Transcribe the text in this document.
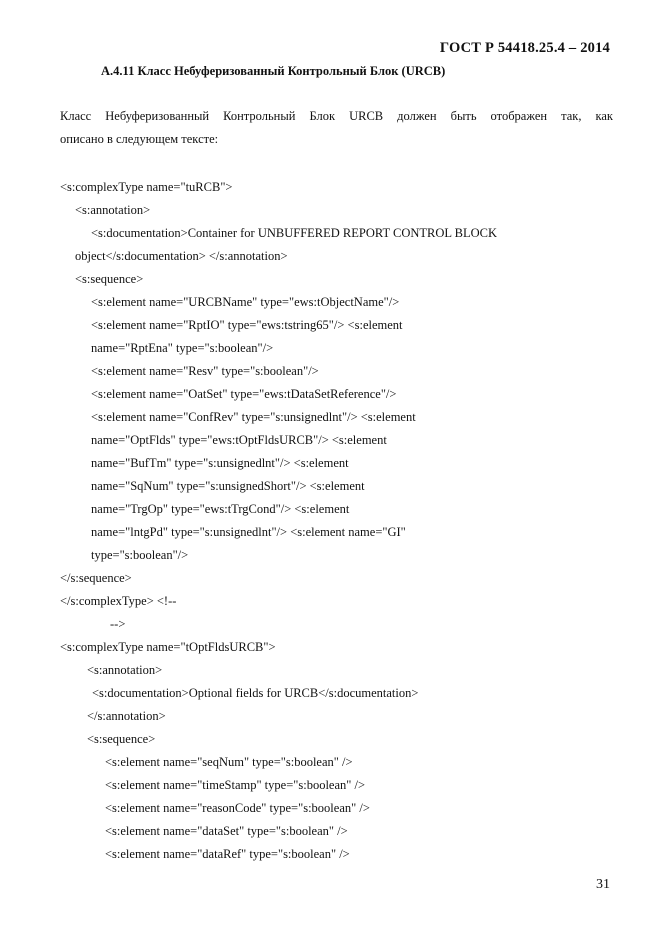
ГОСТ Р 54418.25.4 – 2014
А.4.11 Класс Небуферизованный Контрольный Блок (URCB)
Класс Небуферизованный Контрольный Блок URCB должен быть отображен так, как
описано в следующем тексте:
<s:complexType name="tuRCB">
<s:annotation>
<s:documentation>Container for UNBUFFERED REPORT CONTROL BLOCK
object</s:documentation> </s:annotation>
<s:sequence>
<s:element name="URCBName" type="ews:tObjectName"/>
<s:element name="RptIO" type="ews:tstring65"/> <s:element
name="RptEna" type="s:boolean"/>
<s:element name="Resv" type="s:boolean"/>
<s:element name="OatSet" type="ews:tDataSetReference"/>
<s:element name="ConfRev" type="s:unsignedlnt"/> <s:element
name="OptFlds" type="ews:tOptFldsURCB"/> <s:element
name="BufTm" type="s:unsignedlnt"/> <s:element
name="SqNum" type="s:unsignedShort"/> <s:element
name="TrgOp" type="ews:tTrgCond"/> <s:element
name="lntgPd" type="s:unsignedlnt"/> <s:element name="GI"
type="s:boolean"/>
</s:sequence>
</s:complexType> <!--
-->
<s:complexType name="tOptFldsURCB">
<s:annotation>
<s:documentation>Optional fields for URCB</s:documentation>
</s:annotation>
<s:sequence>
<s:element name="seqNum" type="s:boolean" />
<s:element name="timeStamp" type="s:boolean" />
<s:element name="reasonCode" type="s:boolean" />
<s:element name="dataSet" type="s:boolean" />
<s:element name="dataRef" type="s:boolean" />
31
